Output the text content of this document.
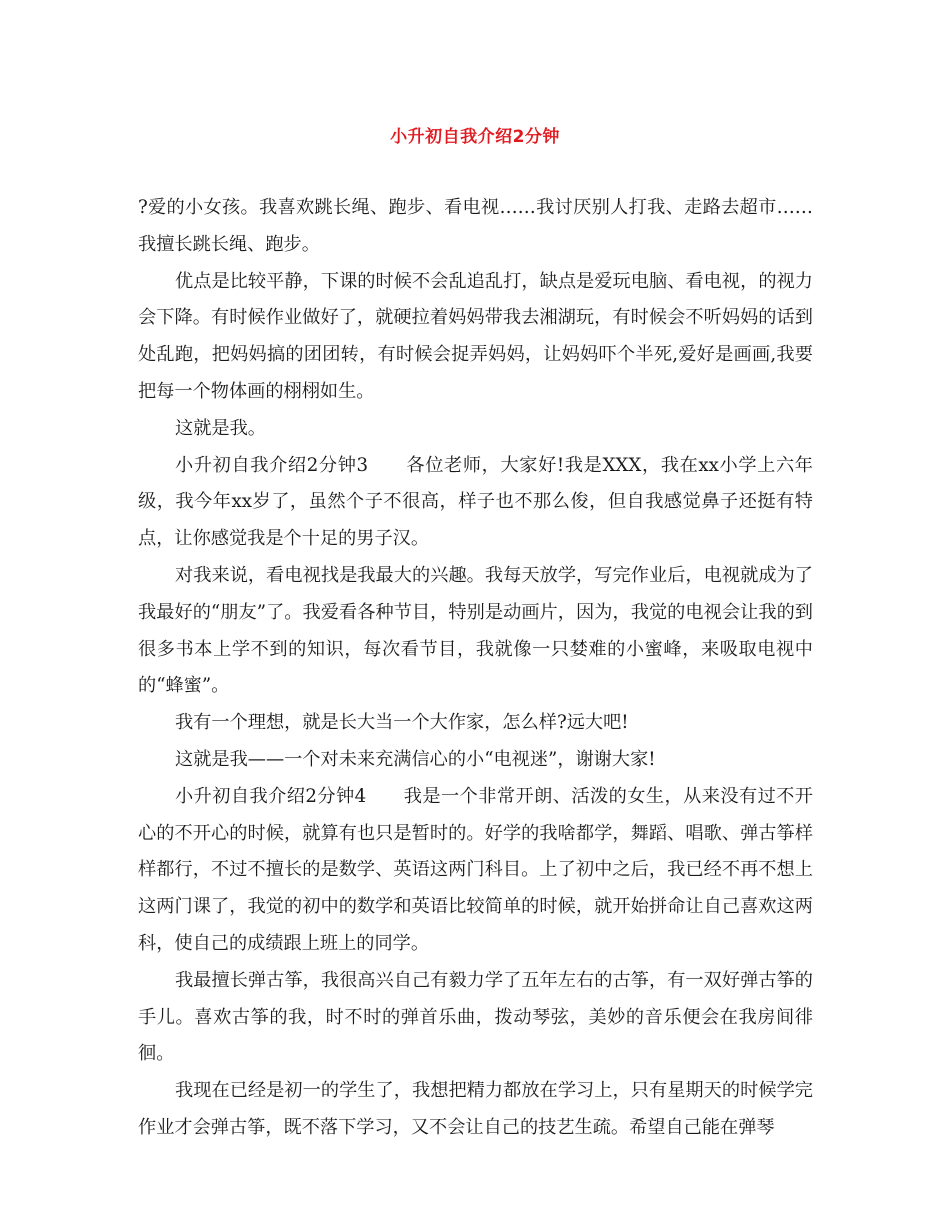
小升初自我介绍2分钟

?爱的小女孩。我喜欢跳长绳、跑步、看电视……我讨厌别人打我、走路去超市……我擅长跳长绳、跑步。

优点是比较平静，下课的时候不会乱追乱打，缺点是爱玩电脑、看电视，的视力会下降。有时候作业做好了，就硬拉着妈妈带我去湘湖玩，有时候会不听妈妈的话到处乱跑，把妈妈搞的团团转，有时候会捉弄妈妈，让妈妈吓个半死,爱好是画画,我要把每一个物体画的栩栩如生。

这就是我。

小升初自我介绍2分钟3　　各位老师，大家好!我是XXX，我在xx小学上六年级，我今年xx岁了，虽然个子不很高，样子也不那么俊，但自我感觉鼻子还挺有特点，让你感觉我是个十足的男子汉。

对我来说，看电视找是我最大的兴趣。我每天放学，写完作业后，电视就成为了我最好的“朋友”了。我爱看各种节目，特别是动画片，因为，我觉的电视会让我的到很多书本上学不到的知识，每次看节目，我就像一只婪难的小蜜峰，来吸取电视中的“蜂蜜”。

我有一个理想，就是长大当一个大作家，怎么样?远大吧!

这就是我——一个对未来充满信心的小“电视迷”，谢谢大家!

小升初自我介绍2分钟4　　我是一个非常开朗、活泼的女生，从来没有过不开心的不开心的时候，就算有也只是暂时的。好学的我啥都学，舞蹈、唱歌、弹古筝样样都行，不过不擅长的是数学、英语这两门科目。上了初中之后，我已经不再不想上这两门课了，我觉的初中的数学和英语比较简单的时候，就开始拼命让自己喜欢这两科，使自己的成绩跟上班上的同学。

我最擅长弹古筝，我很高兴自己有毅力学了五年左右的古筝，有一双好弹古筝的手儿。喜欢古筝的我，时不时的弹首乐曲，拨动琴弦，美妙的音乐便会在我房间徘徊。

我现在已经是初一的学生了，我想把精力都放在学习上，只有星期天的时候学完作业才会弹古筝，既不落下学习，又不会让自己的技艺生疏。希望自己能在弹琴
